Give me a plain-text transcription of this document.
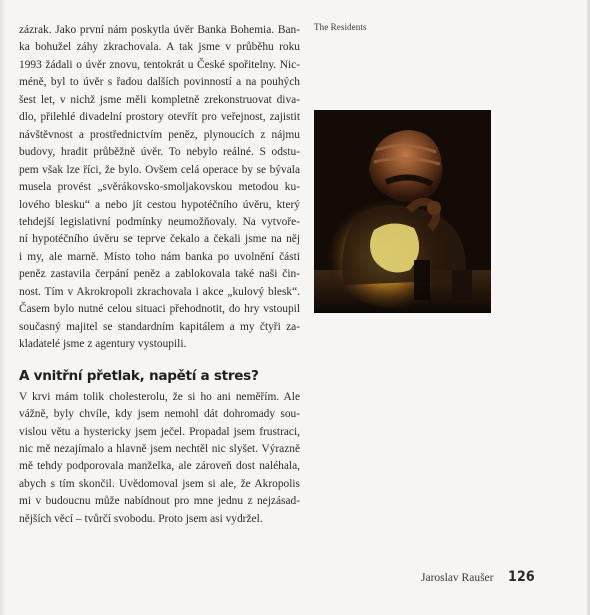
zázrak. Jako první nám poskytla úvěr Banka Bohemia. Ban-
ka bohužel záhy zkrachovala. A tak jsme v průběhu roku
1993 žádali o úvěr znovu, tentokrát u České spořitelny. Nic-
méně, byl to úvěr s řadou dalších povinností a na pouhých
šest let, v nichž jsme měli kompletně zrekonstruovat diva-
dlo, přilehlé divadelní prostory otevřít pro veřejnost, zajistit
návštěvnost a prostřednictvím peněz, plynoucích z nájmu
budovy, hradit průběžně úvěr. To nebylo reálné. S odstu-
pem však lze říci, že bylo. Ovšem celá operace by se bývala
musela provést „svěrákovsko-smoljakovskou metodou ku-
lového blesku“ a nebo jít cestou hypotéčního úvěru, který
tehdejší legislativní podmínky neumožňovaly. Na vytvoře-
ní hypotéčního úvěru se teprve čekalo a čekali jsme na něj
i my, ale marně. Místo toho nám banka po uvolnění části
peněz zastavila čerpání peněz a zablokovala také naši čin-
nost. Tím v Akrokropoli zkrachovala i akce „kulový blesk“.
Časem bylo nutné celou situaci přehodnotit, do hry vstoupil
současný majitel se standardním kapitálem a my čtyři za-
kladatelé jsme z agentury vystoupili.
A vnitřní přetlak, napětí a stres?
V krvi mám tolik cholesterolu, že si ho ani neměřím. Ale
vážně, byly chvíle, kdy jsem nemohl dát dohromady sou-
vislou větu a hystericky jsem ječel. Propadal jsem frustraci,
nic mě nezajímalo a hlavně jsem nechtěl nic slyšet. Výrazně
mě tehdy podporovala manželka, ale zároveň dost naléhala,
abych s tím skončil. Uvědomoval jsem si ale, že Akropolis
mi v budoucnu může nabídnout pro mne jednu z nejzásad-
nějších věcí – tvůrčí svobodu. Proto jsem asi vydržel.
The Residents
Jaroslav Raušer 126
